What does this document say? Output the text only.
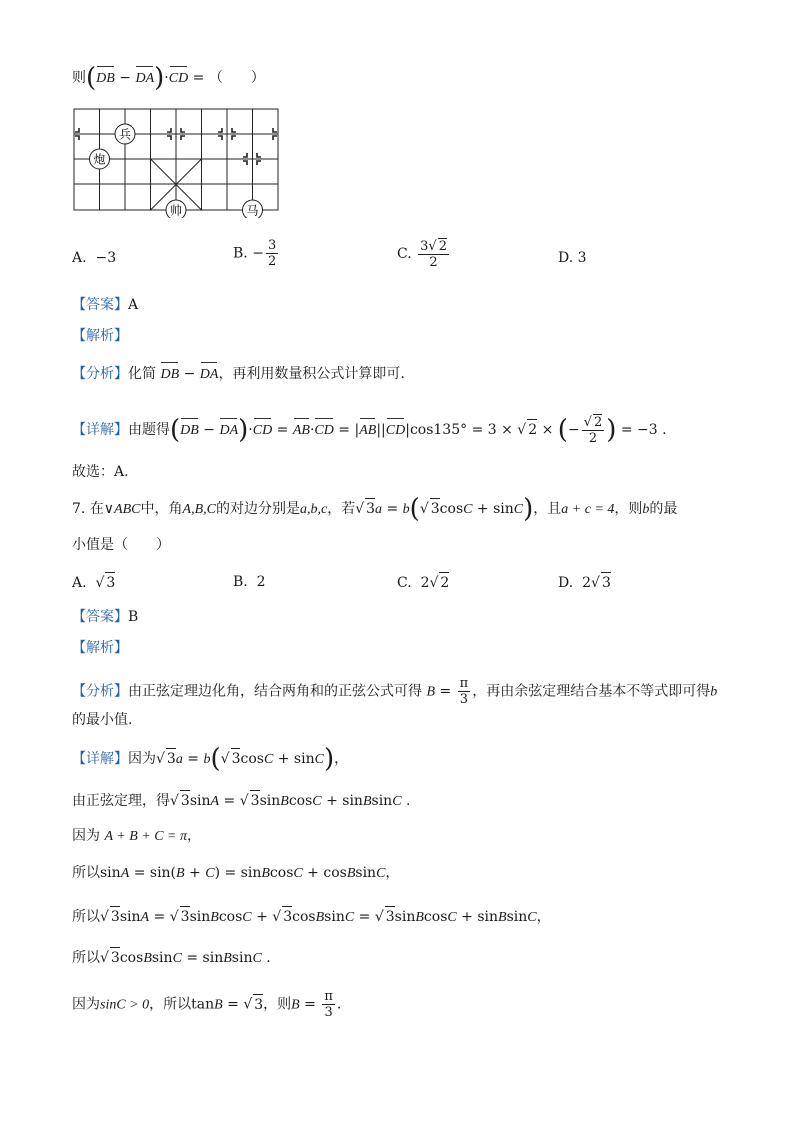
则(DB − DA)·CD = （　　）
兵
炮
帅	马
A. −3	B. − $\frac{3}{2}$	C. $\frac{3√ 2}{2}$	D. 3
【答案】A
【解析】
【分析】化简 DB − DA，再利用数量积公式计算即可.
【详解】由题得(DB − DA)·CD = AB·CD = |AB||CD|cos135° = 3 × √ 2 × (− $\frac{√ 2}{2}$ ) = −3 .
故选：A.
7. 在∨ABC中，角A,B,C的对边分别是a,b,c，若√ 3a = b(√ 3cosC + sinC)，且a + c = 4，则b的最
小值是（　　）
A. √ 3	B. 2	C. 2√ 2	D. 2√ 3
【答案】B
【解析】
【分析】由正弦定理边化角，结合两角和的正弦公式可得 $B = \frac{\pi}{3}$ ，再由余弦定理结合基本不等式即可得b
的最小值.
【详解】因为√ 3a = b(√ 3cosC + sinC)，
由正弦定理，得√ 3sinA = √ 3sinBcosC + sinBsinC .
因为 A + B + C = π，
所以sinA = sin(B + C) = sinBcosC + cosBsinC，
所以√ 3sinA = √ 3sinBcosC + √ 3cosBsinC = √ 3sinBcosC + sinBsinC，
所以√ 3cosBsinC = sinBsinC .
因为sinC > 0，所以tanB = √ 3，则$B = \frac{\pi}{3}$ .
